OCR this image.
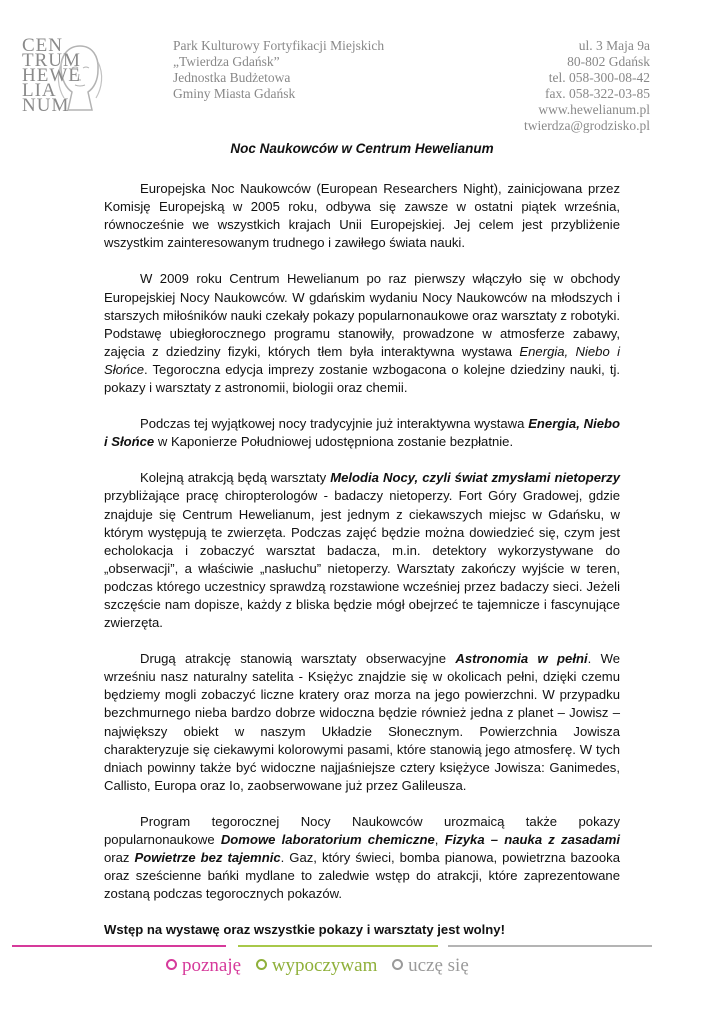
CEN
TRUM
HEWE
LIA
NUM
Park Kulturowy Fortyfikacji Miejskich
„Twierdza Gdańsk”
Jednostka Budżetowa
Gminy Miasta Gdańsk
ul. 3 Maja 9a
80-802 Gdańsk
tel. 058-300-08-42
fax. 058-322-03-85
www.hewelianum.pl
twierdza@grodzisko.pl

Noc Naukowców w Centrum Hewelianum

Europejska Noc Naukowców (European Researchers Night), zainicjowana przez Komisję Europejską w 2005 roku, odbywa się zawsze w ostatni piątek września, równocześnie we wszystkich krajach Unii Europejskiej. Jej celem jest przybliżenie wszystkim zainteresowanym trudnego i zawiłego świata nauki.

W 2009 roku Centrum Hewelianum po raz pierwszy włączyło się w obchody Europejskiej Nocy Naukowców. W gdańskim wydaniu Nocy Naukowców na młodszych i starszych miłośników nauki czekały pokazy popularnonaukowe oraz warsztaty z robotyki. Podstawę ubiegłorocznego programu stanowiły, prowadzone w atmosferze zabawy, zajęcia z dziedziny fizyki, których tłem była interaktywna wystawa Energia, Niebo i Słońce. Tegoroczna edycja imprezy zostanie wzbogacona o kolejne dziedziny nauki, tj. pokazy i warsztaty z astronomii, biologii oraz chemii.

Podczas tej wyjątkowej nocy tradycyjnie już interaktywna wystawa Energia, Niebo i Słońce w Kaponierze Południowej udostępniona zostanie bezpłatnie.

Kolejną atrakcją będą warsztaty Melodia Nocy, czyli świat zmysłami nietoperzy przybliżające pracę chiropterologów - badaczy nietoperzy. Fort Góry Gradowej, gdzie znajduje się Centrum Hewelianum, jest jednym z ciekawszych miejsc w Gdańsku, w którym występują te zwierzęta. Podczas zajęć będzie można dowiedzieć się, czym jest echolokacja i zobaczyć warsztat badacza, m.in. detektory wykorzystywane do „obserwacji”, a właściwie „nasłuchu” nietoperzy. Warsztaty zakończy wyjście w teren, podczas którego uczestnicy sprawdzą rozstawione wcześniej przez badaczy sieci. Jeżeli szczęście nam dopisze, każdy z bliska będzie mógł obejrzeć te tajemnicze i fascynujące zwierzęta.

Drugą atrakcję stanowią warsztaty obserwacyjne Astronomia w pełni. We wrześniu nasz naturalny satelita - Księżyc znajdzie się w okolicach pełni, dzięki czemu będziemy mogli zobaczyć liczne kratery oraz morza na jego powierzchni. W przypadku bezchmurnego nieba bardzo dobrze widoczna będzie również jedna z planet – Jowisz – największy obiekt w naszym Układzie Słonecznym. Powierzchnia Jowisza charakteryzuje się ciekawymi kolorowymi pasami, które stanowią jego atmosferę. W tych dniach powinny także być widoczne najjaśniejsze cztery księżyce Jowisza: Ganimedes, Callisto, Europa oraz Io, zaobserwowane już przez Galileusza.

Program tegorocznej Nocy Naukowców urozmaicą także pokazy popularnonaukowe Domowe laboratorium chemiczne, Fizyka – nauka z zasadami oraz Powietrze bez tajemnic. Gaz, który świeci, bomba pianowa, powietrzna bazooka oraz sześcienne bańki mydlane to zaledwie wstęp do atrakcji, które zaprezentowane zostaną podczas tegorocznych pokazów.

Wstęp na wystawę oraz wszystkie pokazy i warsztaty jest wolny!

poznaję wypoczywam uczę się
